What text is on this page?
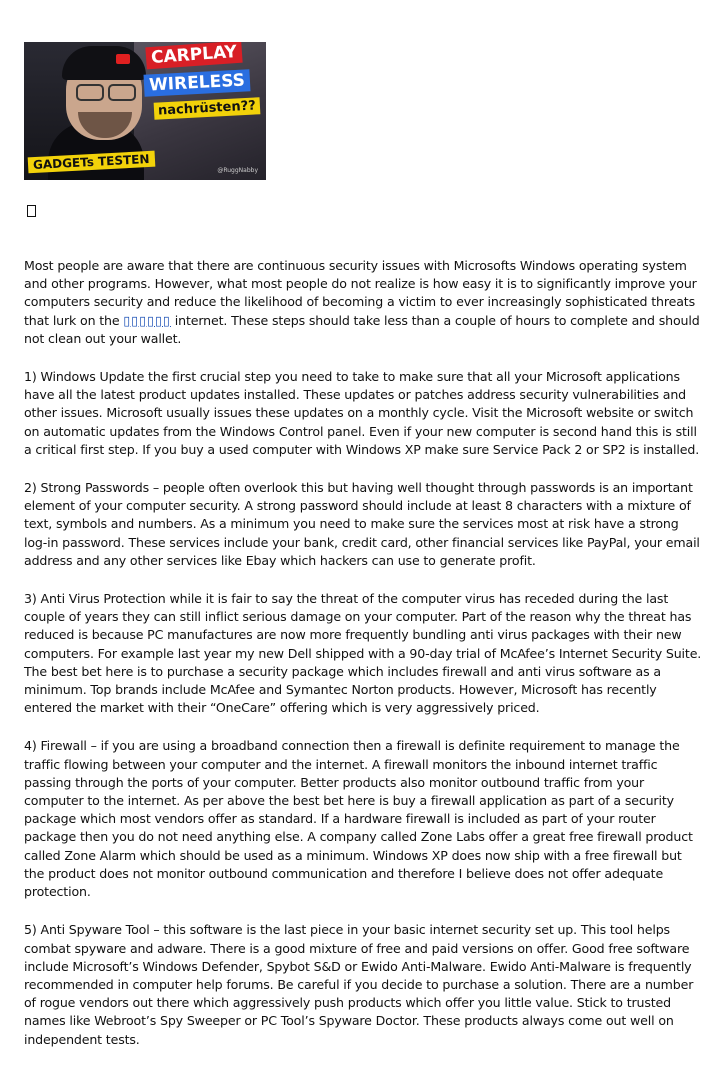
CARPLAY
WIRELESS
nachrüsten??
GADGETs TESTEN	@RuggNabby

Most people are aware that there are continuous security issues with Microsofts Windows operating system and other programs. However, what most people do not realize is how easy it is to significantly improve your computers security and reduce the likelihood of becoming a victim to ever increasingly sophisticated threats that lurk on the ▯▯▯▯▯▯ internet. These steps should take less than a couple of hours to complete and should not clean out your wallet.

1) Windows Update the first crucial step you need to take to make sure that all your Microsoft applications have all the latest product updates installed. These updates or patches address security vulnerabilities and other issues. Microsoft usually issues these updates on a monthly cycle. Visit the Microsoft website or switch on automatic updates from the Windows Control panel. Even if your new computer is second hand this is still a critical first step. If you buy a used computer with Windows XP make sure Service Pack 2 or SP2 is installed.

2) Strong Passwords – people often overlook this but having well thought through passwords is an important element of your computer security. A strong password should include at least 8 characters with a mixture of text, symbols and numbers. As a minimum you need to make sure the services most at risk have a strong log-in password. These services include your bank, credit card, other financial services like PayPal, your email address and any other services like Ebay which hackers can use to generate profit.

3) Anti Virus Protection while it is fair to say the threat of the computer virus has receded during the last couple of years they can still inflict serious damage on your computer. Part of the reason why the threat has reduced is because PC manufactures are now more frequently bundling anti virus packages with their new computers. For example last year my new Dell shipped with a 90-day trial of McAfee’s Internet Security Suite. The best bet here is to purchase a security package which includes firewall and anti virus software as a minimum. Top brands include McAfee and Symantec Norton products. However, Microsoft has recently entered the market with their “OneCare” offering which is very aggressively priced.

4) Firewall – if you are using a broadband connection then a firewall is definite requirement to manage the traffic flowing between your computer and the internet. A firewall monitors the inbound internet traffic passing through the ports of your computer. Better products also monitor outbound traffic from your computer to the internet. As per above the best bet here is buy a firewall application as part of a security package which most vendors offer as standard. If a hardware firewall is included as part of your router package then you do not need anything else. A company called Zone Labs offer a great free firewall product called Zone Alarm which should be used as a minimum. Windows XP does now ship with a free firewall but the product does not monitor outbound communication and therefore I believe does not offer adequate protection.

5) Anti Spyware Tool – this software is the last piece in your basic internet security set up. This tool helps combat spyware and adware. There is a good mixture of free and paid versions on offer. Good free software include Microsoft’s Windows Defender, Spybot S&D or Ewido Anti-Malware. Ewido Anti-Malware is frequently recommended in computer help forums. Be careful if you decide to purchase a solution. There are a number of rogue vendors out there which aggressively push products which offer you little value. Stick to trusted names like Webroot’s Spy Sweeper or PC Tool’s Spyware Doctor. These products always come out well on independent tests.
